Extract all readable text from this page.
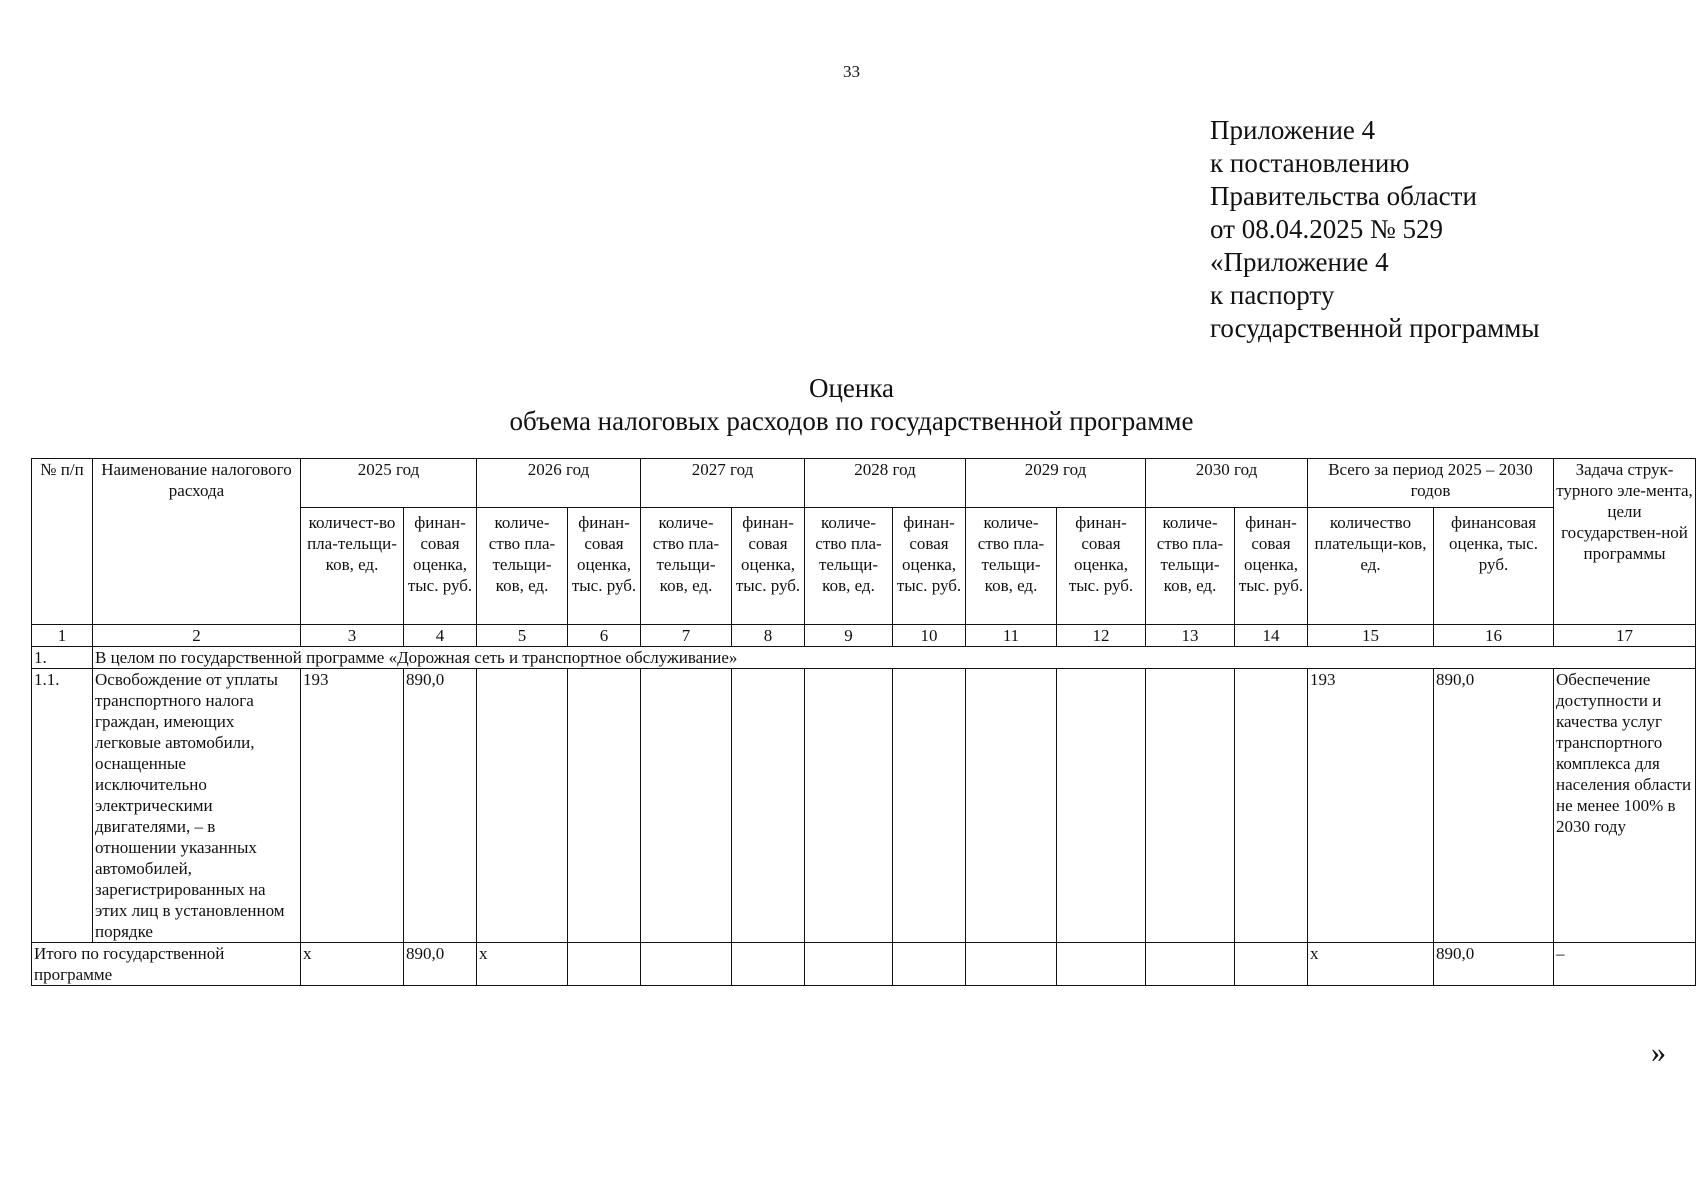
33
Приложение 4
к постановлению
Правительства области
от 08.04.2025 № 529
«Приложение 4
к паспорту
государственной программы
Оценка
объема налоговых расходов по государственной программе
№ п/п	Наименование налогового расхода	2025 год		2026 год		2027 год		2028 год		2029 год		2030 год		Всего за период 2025 – 2030 годов		Задача струк-турного эле-мента, цели государствен-ной программы
		количест-во пла-тельщи-ков, ед.	финан-совая оценка, тыс. руб.	количе-ство пла-тельщи-ков, ед.	финан-совая оценка, тыс. руб.	количе-ство пла-тельщи-ков, ед.	финан-совая оценка, тыс. руб.	количе-ство пла-тельщи-ков, ед.	финан-совая оценка, тыс. руб.	количе-ство пла-тельщи-ков, ед.	финан-совая оценка, тыс. руб.	количе-ство пла-тельщи-ков, ед.	финан-совая оценка, тыс. руб.	количество плательщи-ков, ед.	финансовая оценка, тыс. руб.	
1	2	3	4	5	6	7	8	9	10	11	12	13	14	15	16	17
1.	В целом по государственной программе «Дорожная сеть и транспортное обслуживание»															
1.1.	Освобождение от уплаты транспортного налога граждан, имеющих легковые автомобили, оснащенные исключительно электрическими двигателями, – в отношении указанных автомобилей, зарегистрированных на этих лиц в установленном порядке	193	890,0											193	890,0	Обеспечение доступности и качества услуг транспортного комплекса для населения области не менее 100% в 2030 году
Итого по государственной программе		x	890,0	x										x	890,0	–
»
